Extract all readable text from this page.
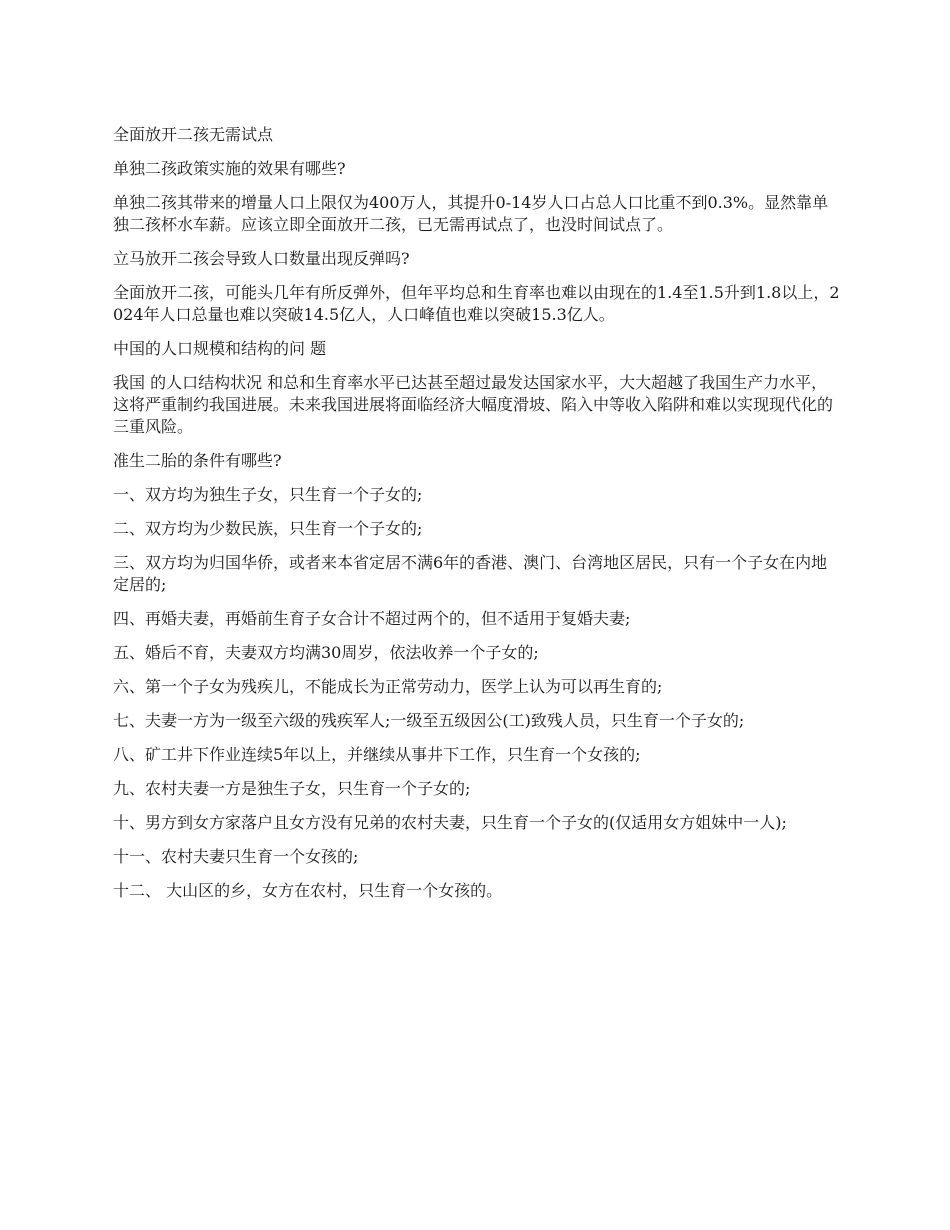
全面放开二孩无需试点

单独二孩政策实施的效果有哪些?

单独二孩其带来的增量人口上限仅为400万人，其提升0-14岁人口占总人口比重不到0.3%。显然靠单独二孩杯水车薪。应该立即全面放开二孩，已无需再试点了，也没时间试点了。

立马放开二孩会导致人口数量出现反弹吗?

全面放开二孩，可能头几年有所反弹外，但年平均总和生育率也难以由现在的1.4至1.5升到1.8以上，2024年人口总量也难以突破14.5亿人，人口峰值也难以突破15.3亿人。

中国的人口规模和结构的问 题

我国 的人口结构状况 和总和生育率水平已达甚至超过最发达国家水平，大大超越了我国生产力水平，这将严重制约我国进展。未来我国进展将面临经济大幅度滑坡、陷入中等收入陷阱和难以实现现代化的三重风险。

准生二胎的条件有哪些?

一、双方均为独生子女，只生育一个子女的;

二、双方均为少数民族，只生育一个子女的;

三、双方均为归国华侨，或者来本省定居不满6年的香港、澳门、台湾地区居民，只有一个子女在内地定居的;

四、再婚夫妻，再婚前生育子女合计不超过两个的，但不适用于复婚夫妻;

五、婚后不育，夫妻双方均满30周岁，依法收养一个子女的;

六、第一个子女为残疾儿，不能成长为正常劳动力，医学上认为可以再生育的;

七、夫妻一方为一级至六级的残疾军人;一级至五级因公(工)致残人员，只生育一个子女的;

八、矿工井下作业连续5年以上，并继续从事井下工作，只生育一个女孩的;

九、农村夫妻一方是独生子女，只生育一个子女的;

十、男方到女方家落户且女方没有兄弟的农村夫妻，只生育一个子女的(仅适用女方姐妹中一人);

十一、农村夫妻只生育一个女孩的;

十二、 大山区的乡，女方在农村，只生育一个女孩的。
